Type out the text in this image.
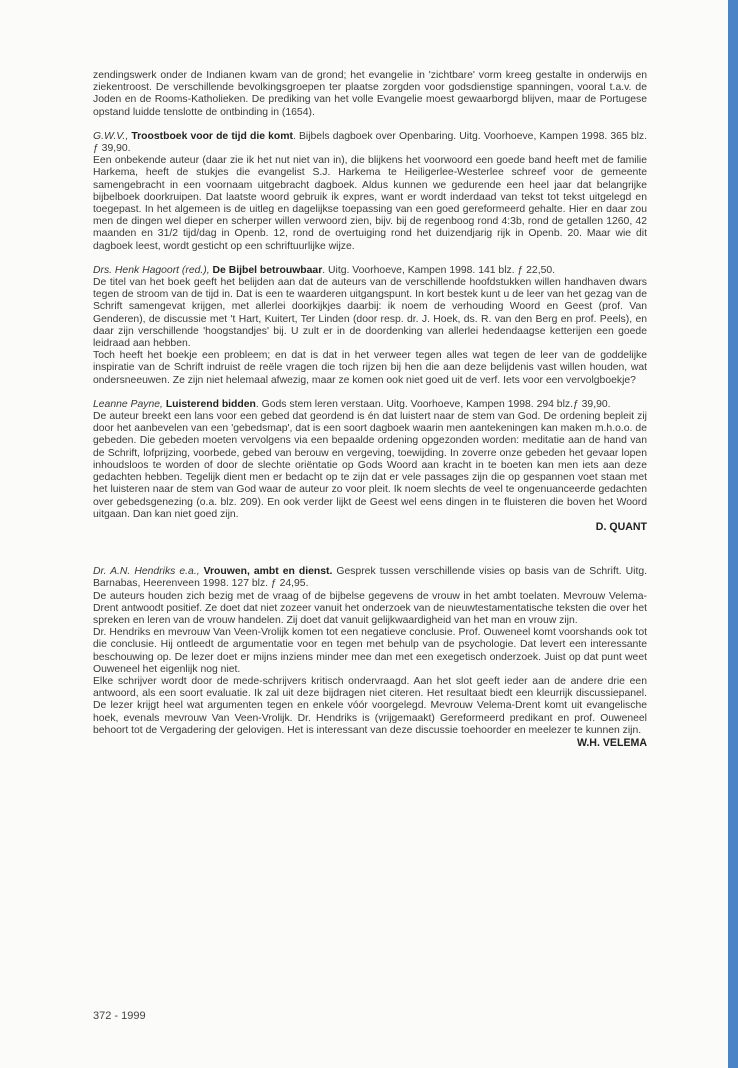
zendingswerk onder de Indianen kwam van de grond; het evangelie in 'zichtbare' vorm kreeg gestalte in onderwijs en ziekentroost. De verschillende bevolkingsgroepen ter plaatse zorgden voor godsdienstige spanningen, vooral t.a.v. de Joden en de Rooms-Katholieken. De prediking van het volle Evangelie moest gewaarborgd blijven, maar de Portugese opstand luidde tenslotte de ontbinding in (1654).

G.W.V., Troostboek voor de tijd die komt. Bijbels dagboek over Openbaring. Uitg. Voorhoeve, Kampen 1998. 365 blz. ƒ 39,90.

Een onbekende auteur (daar zie ik het nut niet van in), die blijkens het voorwoord een goede band heeft met de familie Harkema, heeft de stukjes die evangelist S.J. Harkema te Heiligerlee-Westerlee schreef voor de gemeente samengebracht in een voornaam uitgebracht dagboek. Aldus kunnen we gedurende een heel jaar dat belangrijke bijbelboek doorkruipen. Dat laatste woord gebruik ik expres, want er wordt inderdaad van tekst tot tekst uitgelegd en toegepast. In het algemeen is de uitleg en dagelijkse toepassing van een goed gereformeerd gehalte. Hier en daar zou men de dingen wel dieper en scherper willen verwoord zien, bijv. bij de regenboog rond 4:3b, rond de getallen 1260, 42 maanden en 31/2 tijd/dag in Openb. 12, rond de overtuiging rond het duizendjarig rijk in Openb. 20. Maar wie dit dagboek leest, wordt gesticht op een schriftuurlijke wijze.

Drs. Henk Hagoort (red.), De Bijbel betrouwbaar. Uitg. Voorhoeve, Kampen 1998. 141 blz. ƒ 22,50.

De titel van het boek geeft het belijden aan dat de auteurs van de verschillende hoofdstukken willen handhaven dwars tegen de stroom van de tijd in. Dat is een te waarderen uitgangspunt. In kort bestek kunt u de leer van het gezag van de Schrift samengevat krijgen, met allerlei doorkijkjes daarbij: ik noem de verhouding Woord en Geest (prof. Van Genderen), de discussie met 't Hart, Kuitert, Ter Linden (door resp. dr. J. Hoek, ds. R. van den Berg en prof. Peels), en daar zijn verschillende 'hoogstandjes' bij. U zult er in de doordenking van allerlei hedendaagse ketterijen een goede leidraad aan hebben.

Toch heeft het boekje een probleem; en dat is dat in het verweer tegen alles wat tegen de leer van de goddelijke inspiratie van de Schrift indruist de reële vragen die toch rijzen bij hen die aan deze belijdenis vast willen houden, wat ondersneeuwen. Ze zijn niet helemaal afwezig, maar ze komen ook niet goed uit de verf. Iets voor een vervolgboekje?

Leanne Payne, Luisterend bidden. Gods stem leren verstaan. Uitg. Voorhoeve, Kampen 1998. 294 blz.ƒ 39,90.

De auteur breekt een lans voor een gebed dat geordend is én dat luistert naar de stem van God. De ordening bepleit zij door het aanbevelen van een 'gebedsmap', dat is een soort dagboek waarin men aantekeningen kan maken m.h.o.o. de gebeden. Die gebeden moeten vervolgens via een bepaalde ordening opgezonden worden: meditatie aan de hand van de Schrift, lofprijzing, voorbede, gebed van berouw en vergeving, toewijding. In zoverre onze gebeden het gevaar lopen inhoudsloos te worden of door de slechte oriëntatie op Gods Woord aan kracht in te boeten kan men iets aan deze gedachten hebben. Tegelijk dient men er bedacht op te zijn dat er vele passages zijn die op gespannen voet staan met het luisteren naar de stem van God waar de auteur zo voor pleit. Ik noem slechts de veel te ongenuanceerde gedachten over gebedsgenezing (o.a. blz. 209). En ook verder lijkt de Geest wel eens dingen in te fluisteren die boven het Woord uitgaan. Dan kan niet goed zijn.

D. QUANT

Dr. A.N. Hendriks e.a., Vrouwen, ambt en dienst. Gesprek tussen verschillende visies op basis van de Schrift. Uitg. Barnabas, Heerenveen 1998. 127 blz. ƒ 24,95.

De auteurs houden zich bezig met de vraag of de bijbelse gegevens de vrouw in het ambt toelaten. Mevrouw Velema-Drent antwoodt positief. Ze doet dat niet zozeer vanuit het onderzoek van de nieuwtestamentatische teksten die over het spreken en leren van de vrouw handelen. Zij doet dat vanuit gelijkwaardigheid van het man en vrouw zijn.

Dr. Hendriks en mevrouw Van Veen-Vrolijk komen tot een negatieve conclusie. Prof. Ouweneel komt voorshands ook tot die conclusie. Hij ontleedt de argumentatie voor en tegen met behulp van de psychologie. Dat levert een interessante beschouwing op. De lezer doet er mijns inziens minder mee dan met een exegetisch onderzoek. Juist op dat punt weet Ouweneel het eigenlijk nog niet.

Elke schrijver wordt door de mede-schrijvers kritisch ondervraagd. Aan het slot geeft ieder aan de andere drie een antwoord, als een soort evaluatie. Ik zal uit deze bijdragen niet citeren. Het resultaat biedt een kleurrijk discussiepanel. De lezer krijgt heel wat argumenten tegen en enkele vóór voorgelegd. Mevrouw Velema-Drent komt uit evangelische hoek, evenals mevrouw Van Veen-Vrolijk. Dr. Hendriks is (vrijgemaakt) Gereformeerd predikant en prof. Ouweneel behoort tot de Vergadering der gelovigen. Het is interessant van deze discussie toehoorder en meelezer te kunnen zijn.

W.H. VELEMA

372 - 1999
